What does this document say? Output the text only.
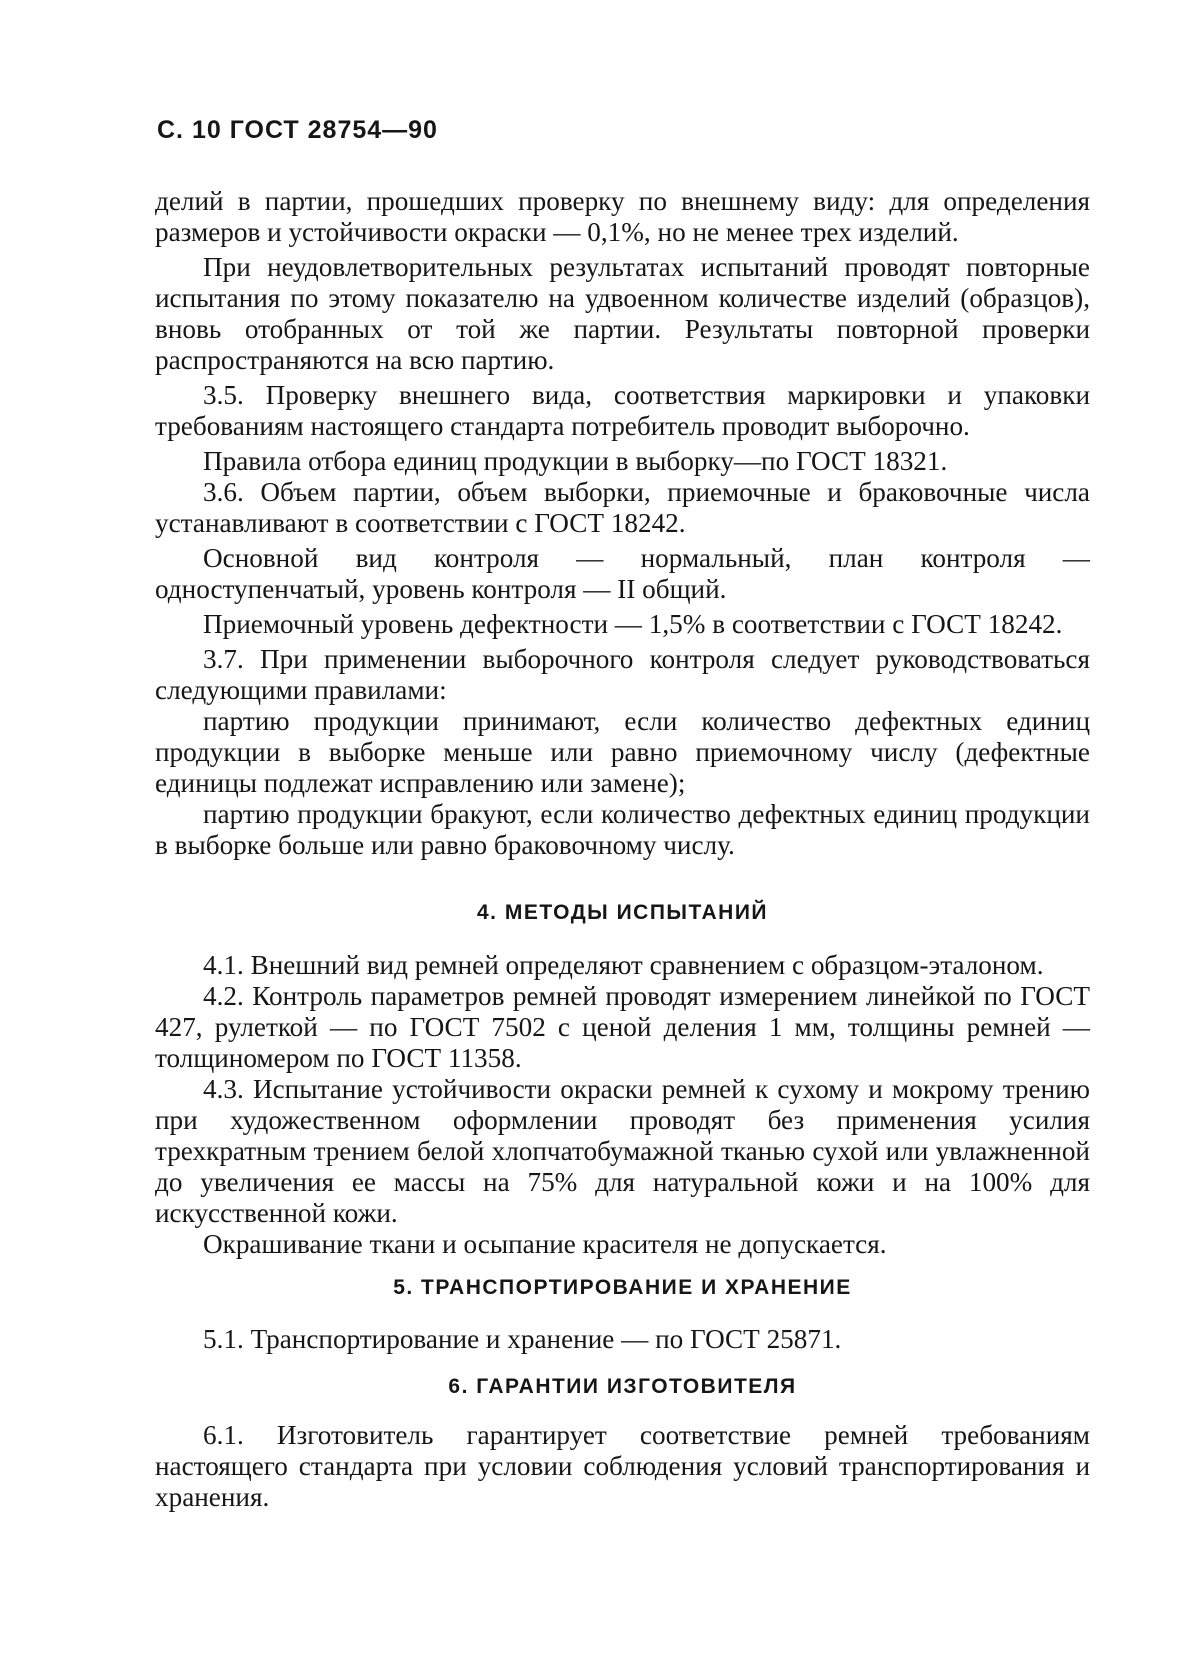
С. 10 ГОСТ 28754—90

делий в партии, прошедших проверку по внешнему виду: для определения размеров и устойчивости окраски — 0,1%, но не менее трех изделий.

При неудовлетворительных результатах испытаний проводят повторные испытания по этому показателю на удвоенном количестве изделий (образцов), вновь отобранных от той же партии. Результаты повторной проверки распространяются на всю партию.

3.5. Проверку внешнего вида, соответствия маркировки и упаковки требованиям настоящего стандарта потребитель проводит выборочно.

Правила отбора единиц продукции в выборку—по ГОСТ 18321.

3.6. Объем партии, объем выборки, приемочные и браковочные числа устанавливают в соответствии с ГОСТ 18242.

Основной вид контроля — нормальный, план контроля — одноступенчатый, уровень контроля — II общий.

Приемочный уровень дефектности — 1,5% в соответствии с ГОСТ 18242.

3.7. При применении выборочного контроля следует руководствоваться следующими правилами:

партию продукции принимают, если количество дефектных единиц продукции в выборке меньше или равно приемочному числу (дефектные единицы подлежат исправлению или замене);

партию продукции бракуют, если количество дефектных единиц продукции в выборке больше или равно браковочному числу.

4. МЕТОДЫ ИСПЫТАНИЙ

4.1. Внешний вид ремней определяют сравнением с образцом-эталоном.

4.2. Контроль параметров ремней проводят измерением линейкой по ГОСТ 427, рулеткой — по ГОСТ 7502 с ценой деления 1 мм, толщины ремней — толщиномером по ГОСТ 11358.

4.3. Испытание устойчивости окраски ремней к сухому и мокрому трению при художественном оформлении проводят без применения усилия трехкратным трением белой хлопчатобумажной тканью сухой или увлажненной до увеличения ее массы на 75% для натуральной кожи и на 100% для искусственной кожи.

Окрашивание ткани и осыпание красителя не допускается.

5. ТРАНСПОРТИРОВАНИЕ И ХРАНЕНИЕ

5.1. Транспортирование и хранение — по ГОСТ 25871.

6. ГАРАНТИИ ИЗГОТОВИТЕЛЯ

6.1. Изготовитель гарантирует соответствие ремней требованиям настоящего стандарта при условии соблюдения условий транспортирования и хранения.
